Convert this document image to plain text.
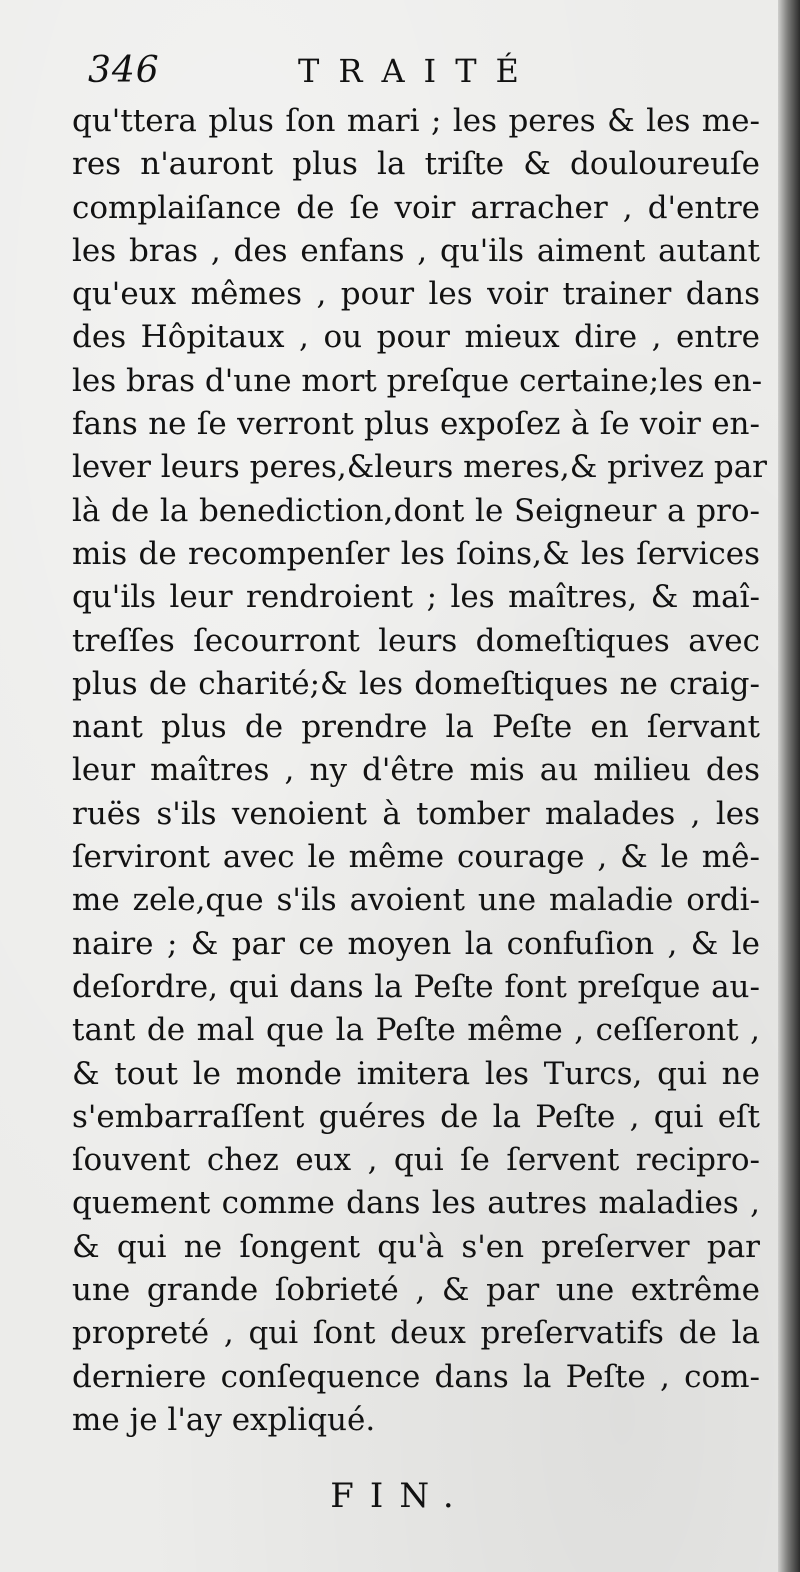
346	TRAITÉ
qu'ttera plus ſon mari ; les peres & les me-
res n'auront plus la triſte & douloureuſe
complaiſance de ſe voir arracher , d'entre
les bras , des enfans , qu'ils aiment autant
qu'eux mêmes , pour les voir trainer dans
des Hôpitaux , ou pour mieux dire , entre
les bras d'une mort preſque certaine;les en-
fans ne ſe verront plus expoſez à ſe voir en-
lever leurs peres,&leurs meres,& privez par
là de la benediction,dont le Seigneur a pro-
mis de recompenſer les ſoins,& les ſervices
qu'ils leur rendroient ; les maîtres, & maî-
treſſes ſecourront leurs domeſtiques avec
plus de charité;& les domeſtiques ne craig-
nant plus de prendre la Peſte en ſervant
leur maîtres , ny d'être mis au milieu des
ruës s'ils venoient à tomber malades , les
ſerviront avec le même courage , & le mê-
me zele,que s'ils avoient une maladie ordi-
naire ; & par ce moyen la confuſion , & le
deſordre, qui dans la Peſte font preſque au-
tant de mal que la Peſte même , ceſſeront ,
& tout le monde imitera les Turcs, qui ne
s'embarraſſent guéres de la Peſte , qui eſt
ſouvent chez eux , qui ſe ſervent recipro-
quement comme dans les autres maladies ,
& qui ne ſongent qu'à s'en preſerver par
une grande ſobrieté , & par une extrême
propreté , qui ſont deux preſervatifs de la
derniere conſequence dans la Peſte , com-
me je l'ay expliqué.
FIN.
